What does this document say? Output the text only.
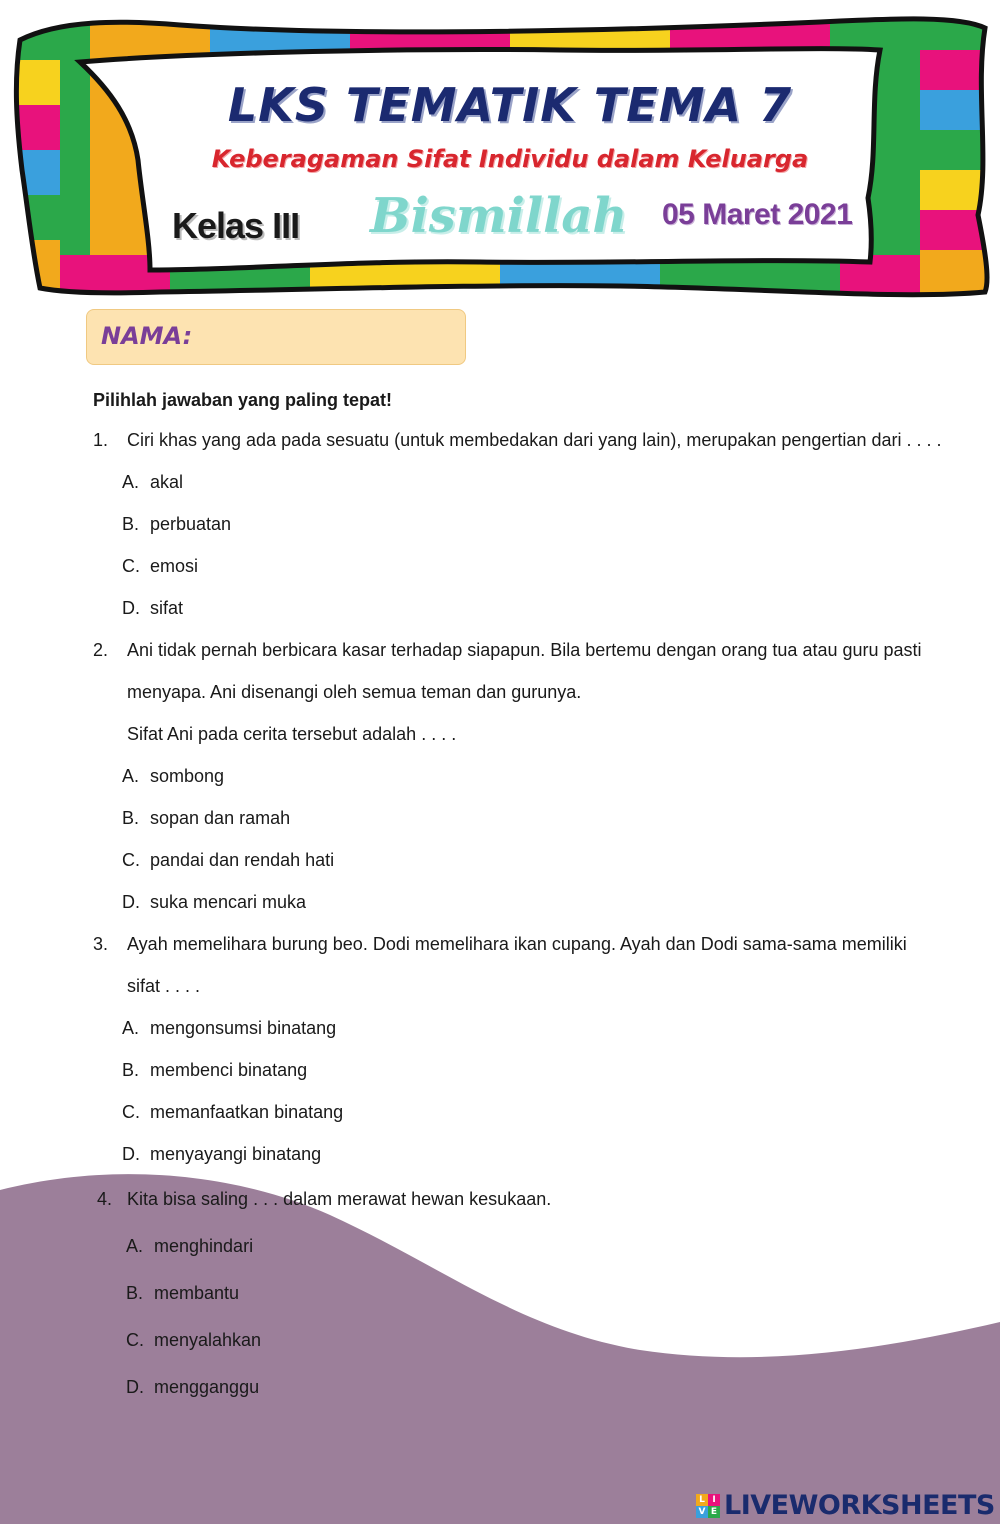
LKS TEMATIK TEMA 7
Keberagaman Sifat Individu dalam Keluarga
Kelas III Bismillah 05 Maret 2021
NAMA:
Pilihlah jawaban yang paling tepat!
1. Ciri khas yang ada pada sesuatu (untuk membedakan dari yang lain), merupakan pengertian dari . . . .
A. akal
B. perbuatan
C. emosi
D. sifat
2. Ani tidak pernah berbicara kasar terhadap siapapun. Bila bertemu dengan orang tua atau guru pasti
menyapa. Ani disenangi oleh semua teman dan gurunya.
Sifat Ani pada cerita tersebut adalah . . . .
A. sombong
B. sopan dan ramah
C. pandai dan rendah hati
D. suka mencari muka
3. Ayah memelihara burung beo. Dodi memelihara ikan cupang. Ayah dan Dodi sama-sama memiliki
sifat . . . .
A. mengonsumsi binatang
B. membenci binatang
C. memanfaatkan binatang
D. menyayangi binatang
4. Kita bisa saling . . . dalam merawat hewan kesukaan.
A. menghindari
B. membantu
C. menyalahkan
D. mengganggu
L I
V E LIVEWORKSHEETS
